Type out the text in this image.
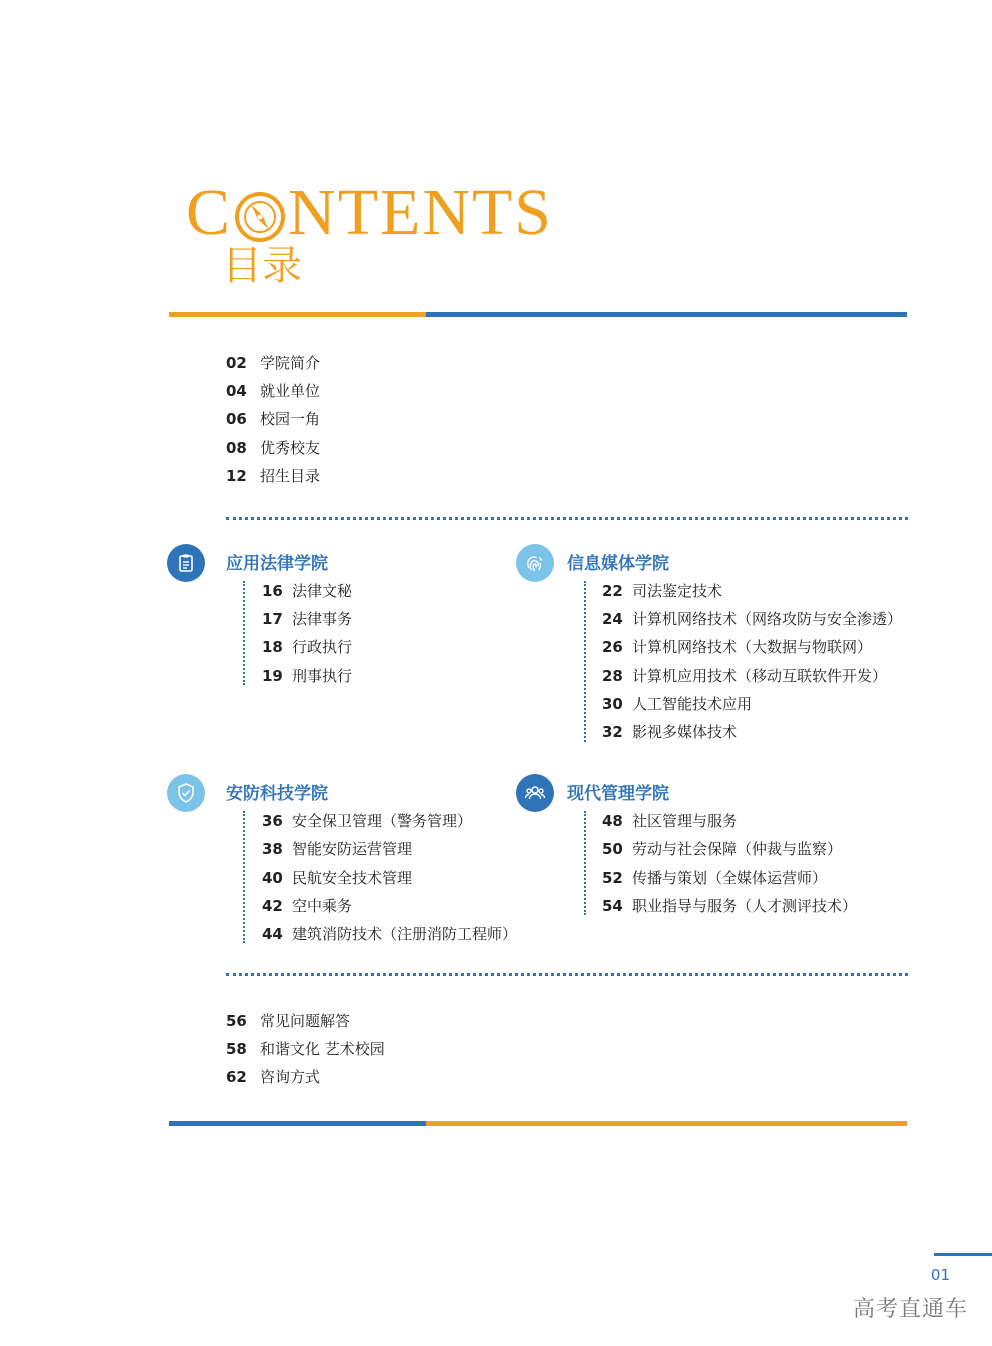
C NTENTS
目录
02 学院简介
04 就业单位
06 校园一角
08 优秀校友
12 招生目录
应用法律学院
16 法律文秘
17 法律事务
18 行政执行
19 刑事执行
信息媒体学院
22 司法鉴定技术
24 计算机网络技术（网络攻防与安全渗透）
26 计算机网络技术（大数据与物联网）
28 计算机应用技术（移动互联软件开发）
30 人工智能技术应用
32 影视多媒体技术
安防科技学院
36 安全保卫管理（警务管理）
38 智能安防运营管理
40 民航安全技术管理
42 空中乘务
44 建筑消防技术（注册消防工程师）
现代管理学院
48 社区管理与服务
50 劳动与社会保障（仲裁与监察）
52 传播与策划（全媒体运营师）
54 职业指导与服务（人才测评技术）
56 常见问题解答
58 和谐文化 艺术校园
62 咨询方式
01
高考直通车
